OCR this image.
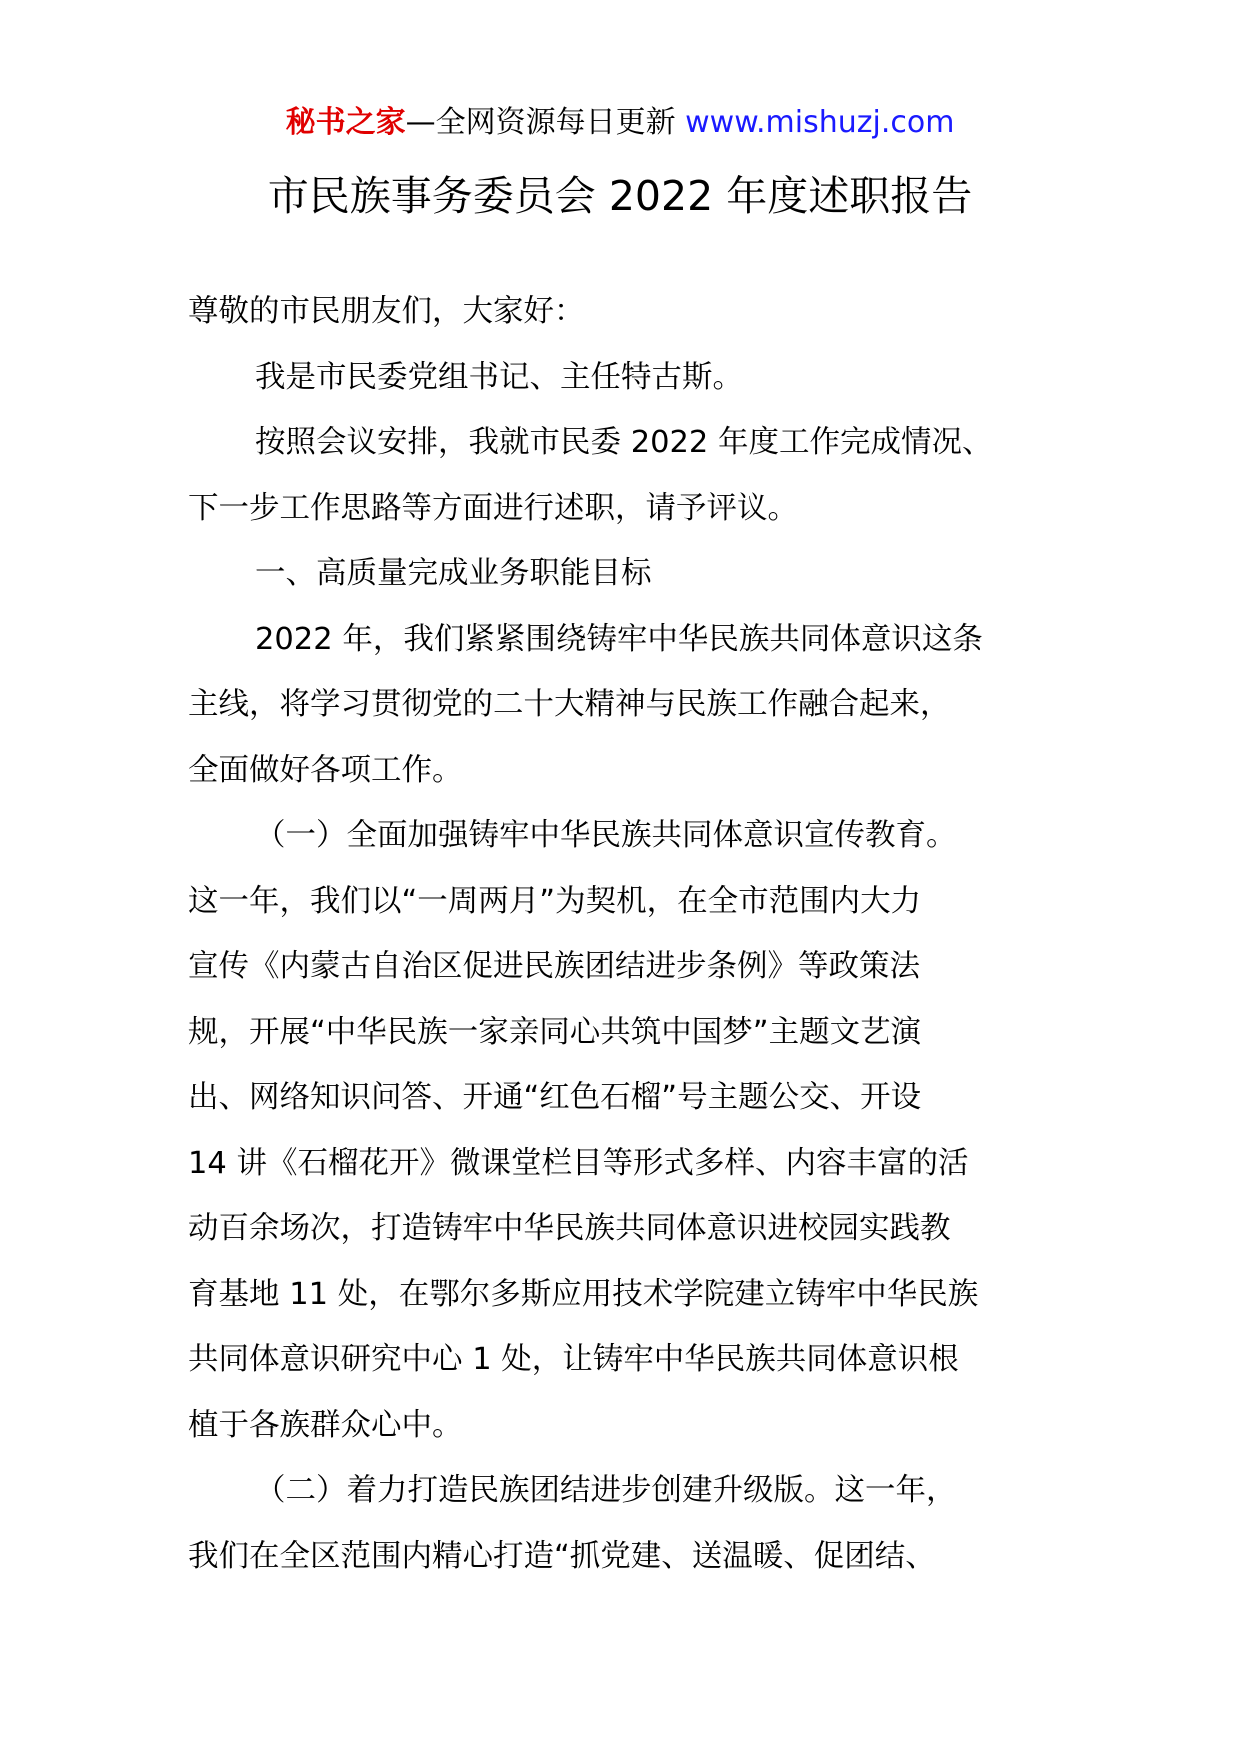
秘书之家—全网资源每日更新 www.mishuzj.com
市民族事务委员会 2022 年度述职报告
尊敬的市民朋友们，大家好：
我是市民委党组书记、主任特古斯。
按照会议安排，我就市民委 2022 年度工作完成情况、
下一步工作思路等方面进行述职，请予评议。
一、高质量完成业务职能目标
2022 年，我们紧紧围绕铸牢中华民族共同体意识这条
主线，将学习贯彻党的二十大精神与民族工作融合起来，
全面做好各项工作。
（一）全面加强铸牢中华民族共同体意识宣传教育。
这一年，我们以“一周两月”为契机，在全市范围内大力
宣传《内蒙古自治区促进民族团结进步条例》等政策法
规，开展“中华民族一家亲同心共筑中国梦”主题文艺演
出、网络知识问答、开通“红色石榴”号主题公交、开设
14 讲《石榴花开》微课堂栏目等形式多样、内容丰富的活
动百余场次，打造铸牢中华民族共同体意识进校园实践教
育基地 11 处，在鄂尔多斯应用技术学院建立铸牢中华民族
共同体意识研究中心 1 处，让铸牢中华民族共同体意识根
植于各族群众心中。
（二）着力打造民族团结进步创建升级版。这一年，
我们在全区范围内精心打造“抓党建、送温暖、促团结、
